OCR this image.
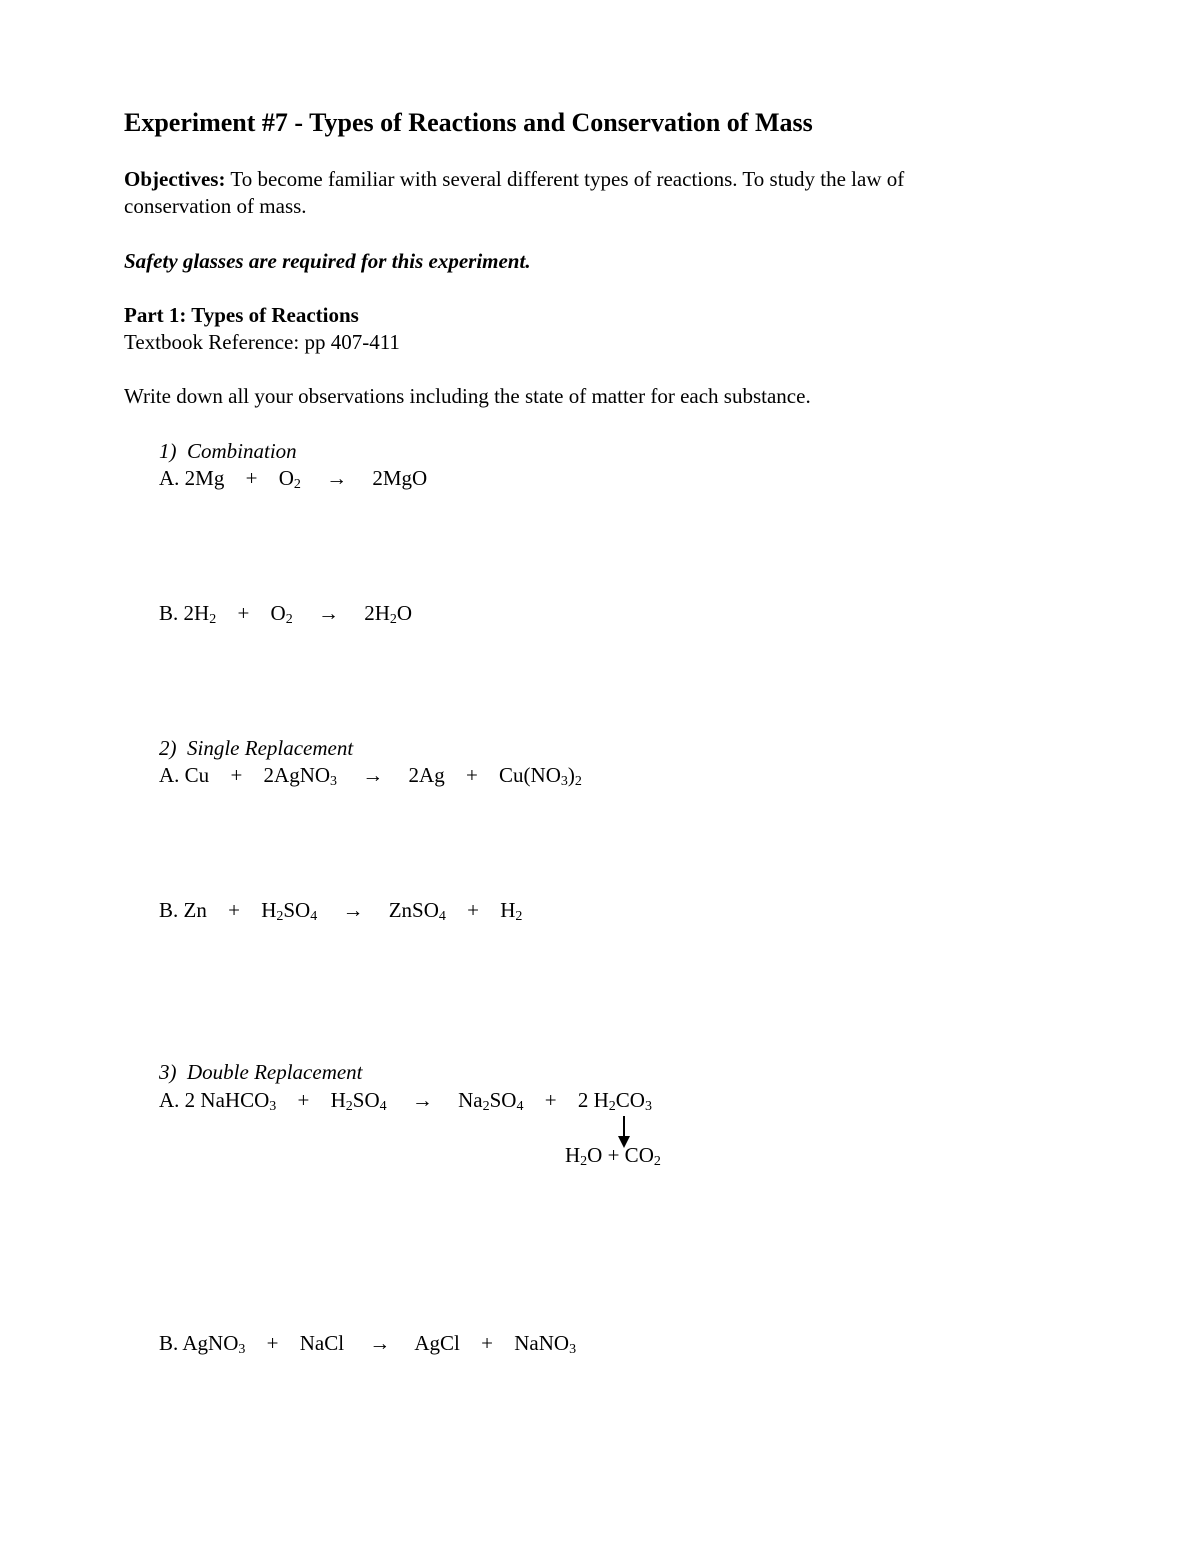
Experiment #7 - Types of Reactions and Conservation of Mass
Objectives: To become familiar with several different types of reactions. To study the law of
conservation of mass.
Safety glasses are required for this experiment.
Part 1: Types of Reactions
Textbook Reference: pp 407-411
Write down all your observations including the state of matter for each substance.
1) Combination
A. $2Mg + O_2 \to 2MgO$
B. $2H_2 + O_2 \to 2H_2O$
2) Single Replacement
A. Cu + 2AgNO$_3$ → $2Ag + Cu(NO_3)_2$
B. $Zn + H_2SO_4$ → ZnSO$_4$ + $H_2$
3) Double Replacement
A. 2 NaHCO$_3$ + $H_2SO_4 \to Na_2SO_4 + 2$ $H_2CO_3$
$H_2O + CO_2$
B. AgNO$_3$ + NaCl → AgCl + NaNO$_3$
